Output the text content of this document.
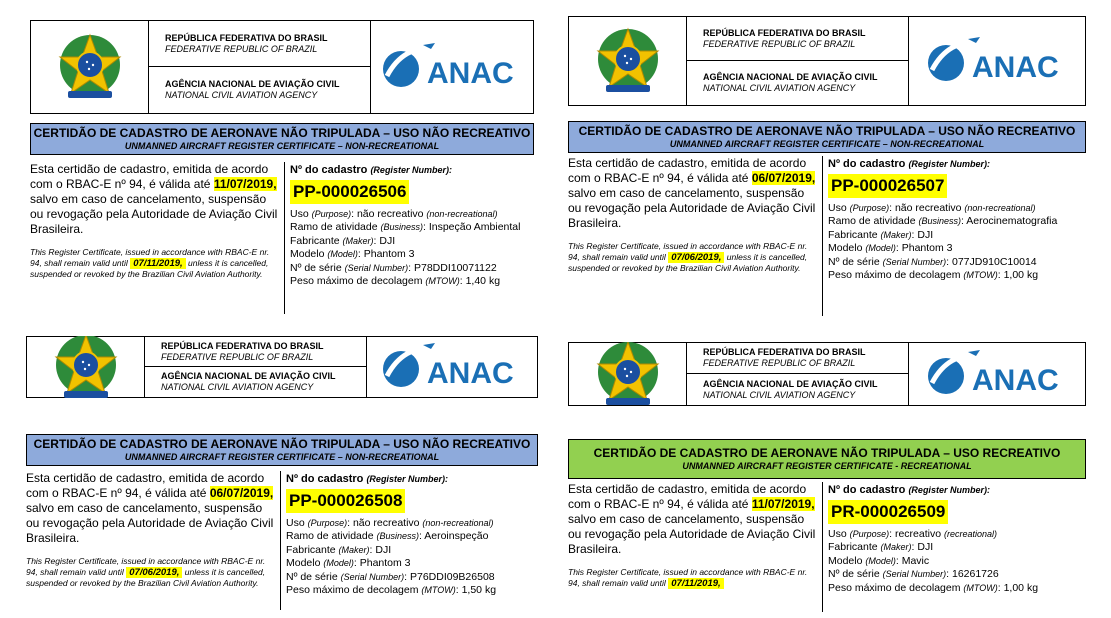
REPÚBLICA FEDERATIVA DO BRASIL
FEDERATIVE REPUBLIC OF BRAZIL
AGÊNCIA NACIONAL DE AVIAÇÃO CIVIL
NATIONAL CIVIL AVIATION AGENCY
ANAC
CERTIDÃO DE CADASTRO DE AERONAVE NÃO TRIPULADA – USO NÃO RECREATIVO
UNMANNED AIRCRAFT REGISTER CERTIFICATE – NON-RECREATIONAL
Esta certidão de cadastro, emitida de acordo com o RBAC-E nº 94, é válida até 11/07/2019, salvo em caso de cancelamento, suspensão ou revogação pela Autoridade de Aviação Civil Brasileira.
This Register Certificate, issued in accordance with RBAC-E nr. 94, shall remain valid until 07/11/2019, unless it is cancelled, suspended or revoked by the Brazilian Civil Aviation Authority.
Nº do cadastro (Register Number):
PP-000026506
Uso (Purpose): não recreativo (non-recreational)
Ramo de atividade (Business): Inspeção Ambiental
Fabricante (Maker): DJI
Modelo (Model): Phantom 3
Nº de série (Serial Number): P78DDI10071122
Peso máximo de decolagem (MTOW): 1,40 kg
REPÚBLICA FEDERATIVA DO BRASIL
FEDERATIVE REPUBLIC OF BRAZIL
AGÊNCIA NACIONAL DE AVIAÇÃO CIVIL
NATIONAL CIVIL AVIATION AGENCY
ANAC
CERTIDÃO DE CADASTRO DE AERONAVE NÃO TRIPULADA – USO NÃO RECREATIVO
UNMANNED AIRCRAFT REGISTER CERTIFICATE – NON-RECREATIONAL
Esta certidão de cadastro, emitida de acordo com o RBAC-E nº 94, é válida até 06/07/2019, salvo em caso de cancelamento, suspensão ou revogação pela Autoridade de Aviação Civil Brasileira.
This Register Certificate, issued in accordance with RBAC-E nr. 94, shall remain valid until 07/06/2019, unless it is cancelled, suspended or revoked by the Brazilian Civil Aviation Authority.
Nº do cadastro (Register Number):
PP-000026507
Uso (Purpose): não recreativo (non-recreational)
Ramo de atividade (Business): Aerocinematografia
Fabricante (Maker): DJI
Modelo (Model): Phantom 3
Nº de série (Serial Number): 077JD910C10014
Peso máximo de decolagem (MTOW): 1,00 kg
REPÚBLICA FEDERATIVA DO BRASIL
FEDERATIVE REPUBLIC OF BRAZIL
AGÊNCIA NACIONAL DE AVIAÇÃO CIVIL
NATIONAL CIVIL AVIATION AGENCY	ANAC
CERTIDÃO DE CADASTRO DE AERONAVE NÃO TRIPULADA – USO NÃO RECREATIVO
UNMANNED AIRCRAFT REGISTER CERTIFICATE – NON-RECREATIONAL
Esta certidão de cadastro, emitida de acordo com o RBAC-E nº 94, é válida até 06/07/2019, salvo em caso de cancelamento, suspensão ou revogação pela Autoridade de Aviação Civil Brasileira.
This Register Certificate, issued in accordance with RBAC-E nr. 94, shall remain valid until 07/06/2019, unless it is cancelled, suspended or revoked by the Brazilian Civil Aviation Authority.
Nº do cadastro (Register Number):
PP-000026508
Uso (Purpose): não recreativo (non-recreational)
Ramo de atividade (Business): Aeroinspeção
Fabricante (Maker): DJI
Modelo (Model): Phantom 3
Nº de série (Serial Number): P76DDI09B26508
Peso máximo de decolagem (MTOW): 1,50 kg
REPÚBLICA FEDERATIVA DO BRASIL
FEDERATIVE REPUBLIC OF BRAZIL
AGÊNCIA NACIONAL DE AVIAÇÃO CIVIL
NATIONAL CIVIL AVIATION AGENCY	ANAC
CERTIDÃO DE CADASTRO DE AERONAVE NÃO TRIPULADA – USO RECREATIVO
UNMANNED AIRCRAFT REGISTER CERTIFICATE - RECREATIONAL
Esta certidão de cadastro, emitida de acordo com o RBAC-E nº 94, é válida até 11/07/2019, salvo em caso de cancelamento, suspensão ou revogação pela Autoridade de Aviação Civil Brasileira.
This Register Certificate, issued in accordance with RBAC-E nr. 94, shall remain valid until 07/11/2019,
Nº do cadastro (Register Number):
PR-000026509
Uso (Purpose): recreativo (recreational)
Fabricante (Maker): DJI
Modelo (Model): Mavic
Nº de série (Serial Number): 16261726
Peso máximo de decolagem (MTOW): 1,00 kg
